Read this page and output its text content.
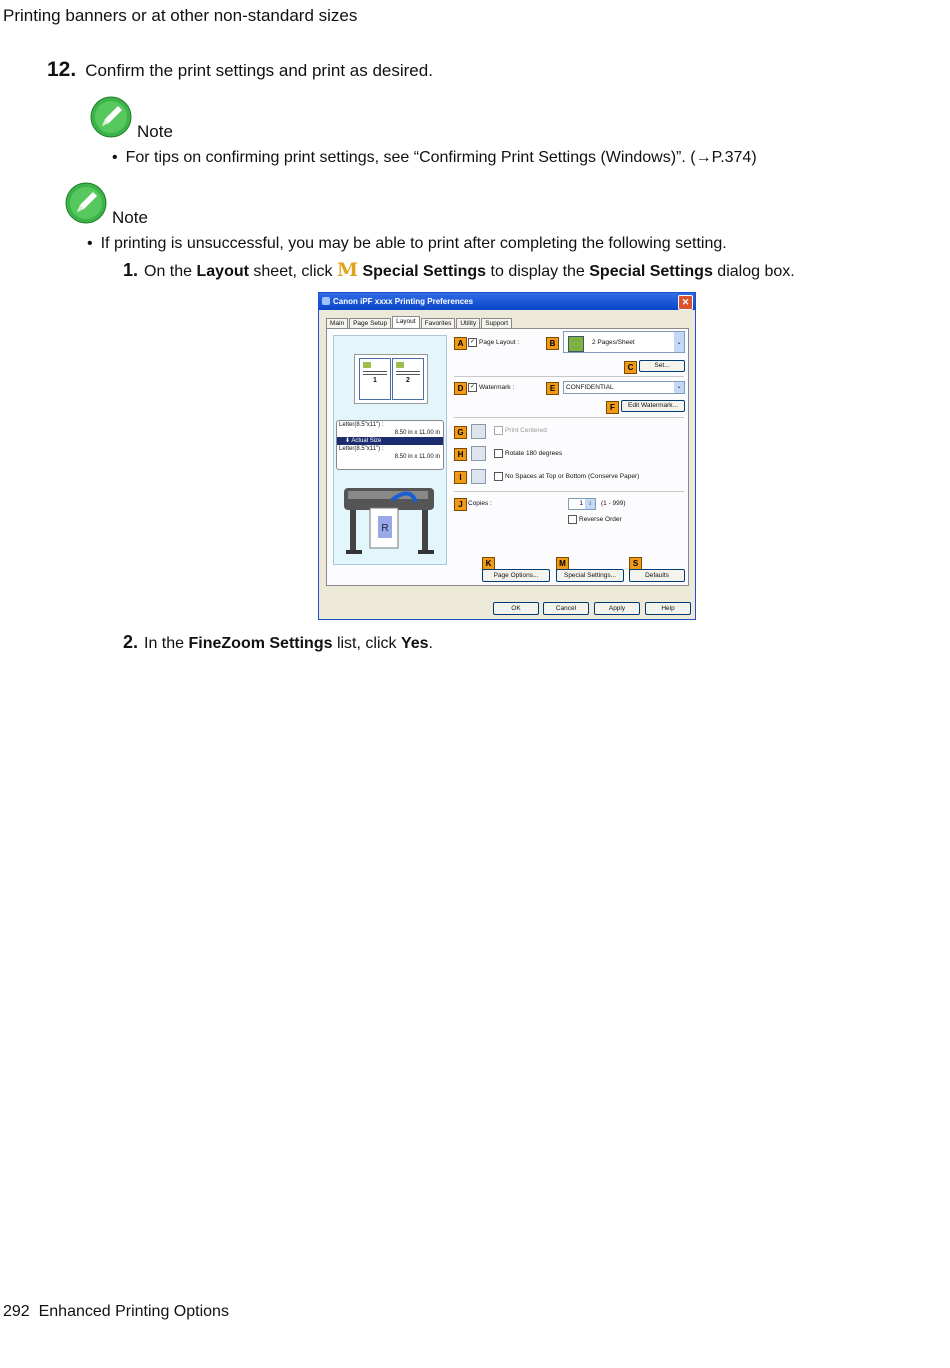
Printing banners or at other non-standard sizes
12. Confirm the print settings and print as desired.
Note
• For tips on confirming print settings, see “Confirming Print Settings (Windows)”. (→P.374)
Note
• If printing is unsuccessful, you may be able to print after completing the following setting.
1. On the Layout sheet, click M Special Settings to display the Special Settings dialog box.
Canon iPF xxxx Printing Preferences	✕
Main	Page Setup	Layout	Favorites	Utility	Support
1	2
Letter(8.5"x11") :
8.50 in x 11.00 in
⬇ Actual Size
Letter(8.5"x11") :
8.50 in x 11.00 in
R
A	✓ Page Layout :	B	2 Pages/Sheet	⌄
C	Set...
D	✓ Watermark :	E	CONFIDENTIAL	⌄
F	Edit Watermark...
G	Print Centered
H	Rotate 180 degrees
I	No Spaces at Top or Bottom (Conserve Paper)
J Copies :	1 ↕	(1 - 999)
Reverse Order
K	M	S
Page Options...	Special Settings...	Defaults
OK	Cancel	Apply	Help
2. In the FineZoom Settings list, click Yes.
292 Enhanced Printing Options
